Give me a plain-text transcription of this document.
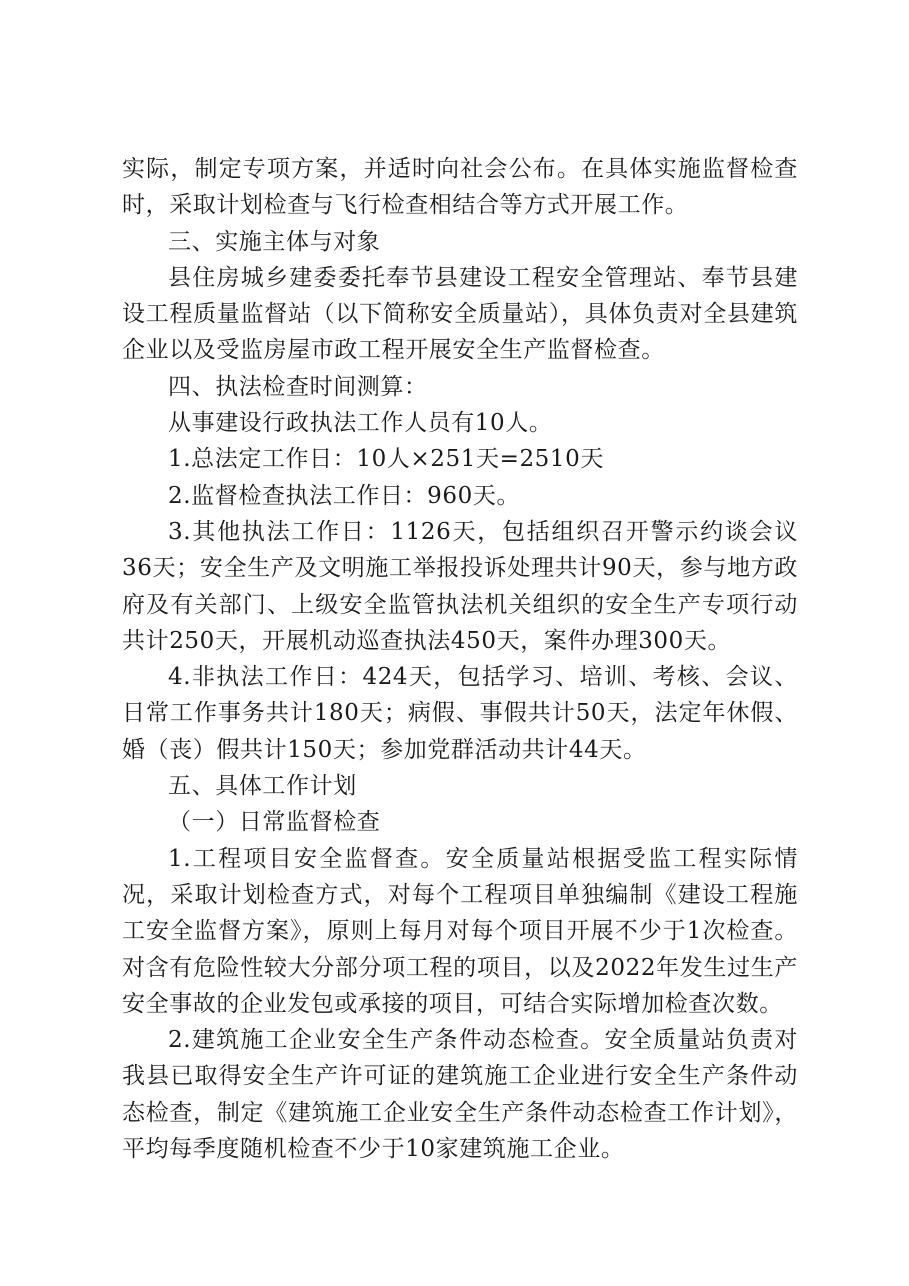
实际，制定专项方案，并适时向社会公布。在具体实施监督检查时，采取计划检查与飞行检查相结合等方式开展工作。

三、实施主体与对象

县住房城乡建委委托奉节县建设工程安全管理站、奉节县建设工程质量监督站（以下简称安全质量站），具体负责对全县建筑企业以及受监房屋市政工程开展安全生产监督检查。

四、执法检查时间测算：

从事建设行政执法工作人员有10人。

1.总法定工作日：10人×251天=2510天

2.监督检查执法工作日：960天。

3.其他执法工作日：1126天，包括组织召开警示约谈会议36天；安全生产及文明施工举报投诉处理共计90天，参与地方政府及有关部门、上级安全监管执法机关组织的安全生产专项行动共计250天，开展机动巡查执法450天，案件办理300天。

4.非执法工作日：424天，包括学习、培训、考核、会议、日常工作事务共计180天；病假、事假共计50天，法定年休假、婚（丧）假共计150天；参加党群活动共计44天。

五、具体工作计划

（一）日常监督检查

1.工程项目安全监督查。安全质量站根据受监工程实际情况，采取计划检查方式，对每个工程项目单独编制《建设工程施工安全监督方案》，原则上每月对每个项目开展不少于1次检查。对含有危险性较大分部分项工程的项目，以及2022年发生过生产安全事故的企业发包或承接的项目，可结合实际增加检查次数。

2.建筑施工企业安全生产条件动态检查。安全质量站负责对我县已取得安全生产许可证的建筑施工企业进行安全生产条件动态检查，制定《建筑施工企业安全生产条件动态检查工作计划》，平均每季度随机检查不少于10家建筑施工企业。
